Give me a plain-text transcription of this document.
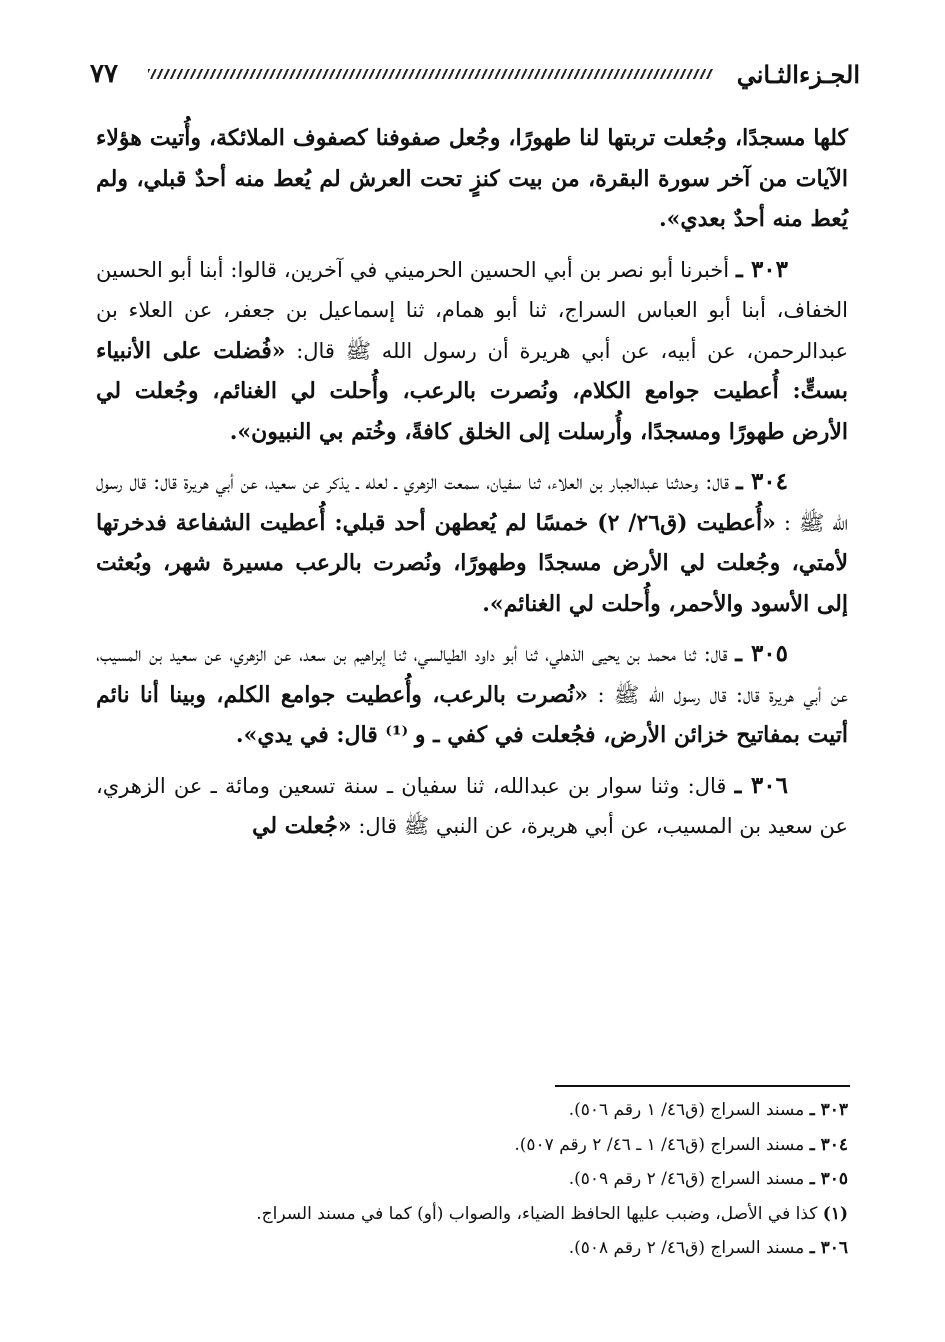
الجـزءالثـاني
٧٧

كلها مسجدًا، وجُعلت تربتها لنا طهورًا، وجُعل صفوفنا كصفوف الملائكة، وأُتيت هؤلاء الآيات من آخر سورة البقرة، من بيت كنزٍ تحت العرش لم يُعط منه أحدٌ قبلي، ولم يُعط منه أحدٌ بعدي».

٣٠٣ ـ أخبرنا أبو نصر بن أبي الحسين الحرميني في آخرين، قالوا: أبنا أبو الحسين الخفاف، أبنا أبو العباس السراج، ثنا أبو همام، ثنا إسماعيل بن جعفر، عن العلاء بن عبدالرحمن، عن أبيه، عن أبي هريرة أن رسول الله ﷺ قال: «فُضلت على الأنبياء بستٍّ: أُعطيت جوامع الكلام، ونُصرت بالرعب، وأُحلت لي الغنائم، وجُعلت لي الأرض طهورًا ومسجدًا، وأُرسلت إلى الخلق كافةً، وخُتم بي النبيون».

٣٠٤ ـ قال: وحدثنا عبدالجبار بن العلاء، ثنا سفيان، سمعت الزهري ـ لعله ـ يذكر عن سعيد، عن أبي هريرة قال: قال رسول الله ﷺ : «أُعطيت (ق٢٦/ ٢) خمسًا لم يُعطهن أحد قبلي: أُعطيت الشفاعة فدخرتها لأمتي، وجُعلت لي الأرض مسجدًا وطهورًا، ونُصرت بالرعب مسيرة شهر، وبُعثت إلى الأسود والأحمر، وأُحلت لي الغنائم».

٣٠٥ ـ قال: ثنا محمد بن يحيى الذهلي، ثنا أبو داود الطيالسي، ثنا إبراهيم بن سعد، عن الزهري، عن سعيد بن المسيب، عن أبي هريرة قال: قال رسول الله ﷺ : «نُصرت بالرعب، وأُعطيت جوامع الكلم، وبينا أنا نائم أتيت بمفاتيح خزائن الأرض، فجُعلت في كفي ـ و ⁽¹⁾ قال: في يدي».

٣٠٦ ـ قال: وثنا سوار بن عبدالله، ثنا سفيان ـ سنة تسعين ومائة ـ عن الزهري، عن سعيد بن المسيب، عن أبي هريرة، عن النبي ﷺ قال: «جُعلت لي

٣٠٣ ـ مسند السراج (ق٤٦/ ١ رقم ٥٠٦).
٣٠٤ ـ مسند السراج (ق٤٦/ ١ ـ ٤٦/ ٢ رقم ٥٠٧).
٣٠٥ ـ مسند السراج (ق٤٦/ ٢ رقم ٥٠٩).
(١) كذا في الأصل، وضبب عليها الحافظ الضياء، والصواب (أو) كما في مسند السراج.
٣٠٦ ـ مسند السراج (ق٤٦/ ٢ رقم ٥٠٨).
